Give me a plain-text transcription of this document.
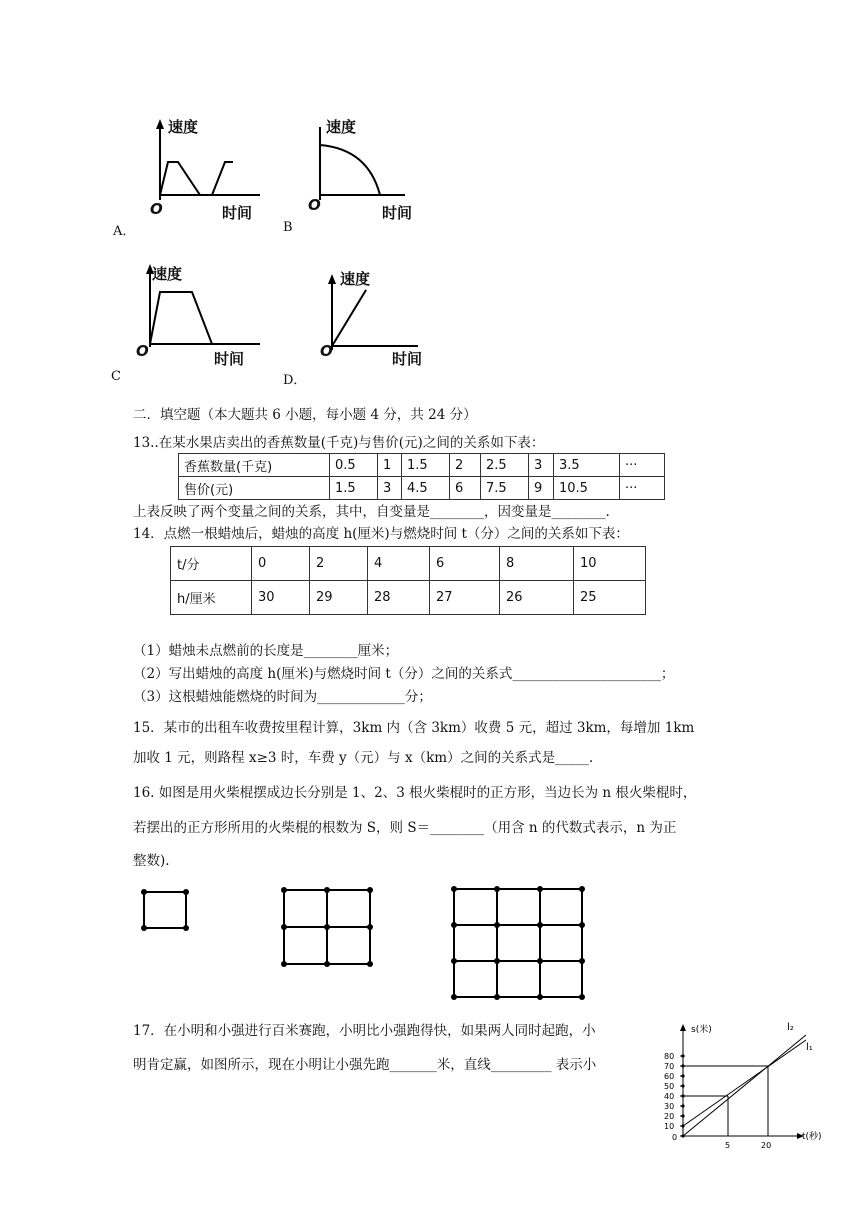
速度
O	时间
A．
速度
O	时间
B
速度
O	时间
C
速度
O	时间
D．
二．填空题（本大题共 6 小题，每小题 4 分，共 24 分）
13..在某水果店卖出的香蕉数量(千克)与售价(元)之间的关系如下表：
香蕉数量(千克)	0.5	1	1.5	2	2.5	3	3.5	···
售价(元)	1.5	3	4.5	6	7.5	9	10.5	···
上表反映了两个变量之间的关系，其中，自变量是________，因变量是________.
14．点燃一根蜡烛后，蜡烛的高度 h(厘米)与燃烧时间 t（分）之间的关系如下表：
t/分	0	2	4	6	8	10
h/厘米	30	29	28	27	26	25
（1）蜡烛未点燃前的长度是________厘米；
（2）写出蜡烛的高度 h(厘米)与燃烧时间 t（分）之间的关系式______________________；
（3）这根蜡烛能燃烧的时间为_____________分；
15．某市的出租车收费按里程计算，3km 内（含 3km）收费 5 元，超过 3km，每增加 1km
加收 1 元，则路程 x≥3 时，车费 y（元）与 x（km）之间的关系式是_____.
16. 如图是用火柴棍摆成边长分别是 1、2、3 根火柴棍时的正方形，当边长为 n 根火柴棍时，
若摆出的正方形所用的火柴棍的根数为 S，则 S＝________（用含 n 的代数式表示，n 为正
整数).
17．在小明和小强进行百米赛跑，小明比小强跑得快，如果两人同时起跑，小
明肯定赢，如图所示，现在小明让小强先跑_______米，直线_________ 表示小
s(米)
t(秒)
0
10
20
30
40
50
60
70
80
5	20
l₂
l₁
